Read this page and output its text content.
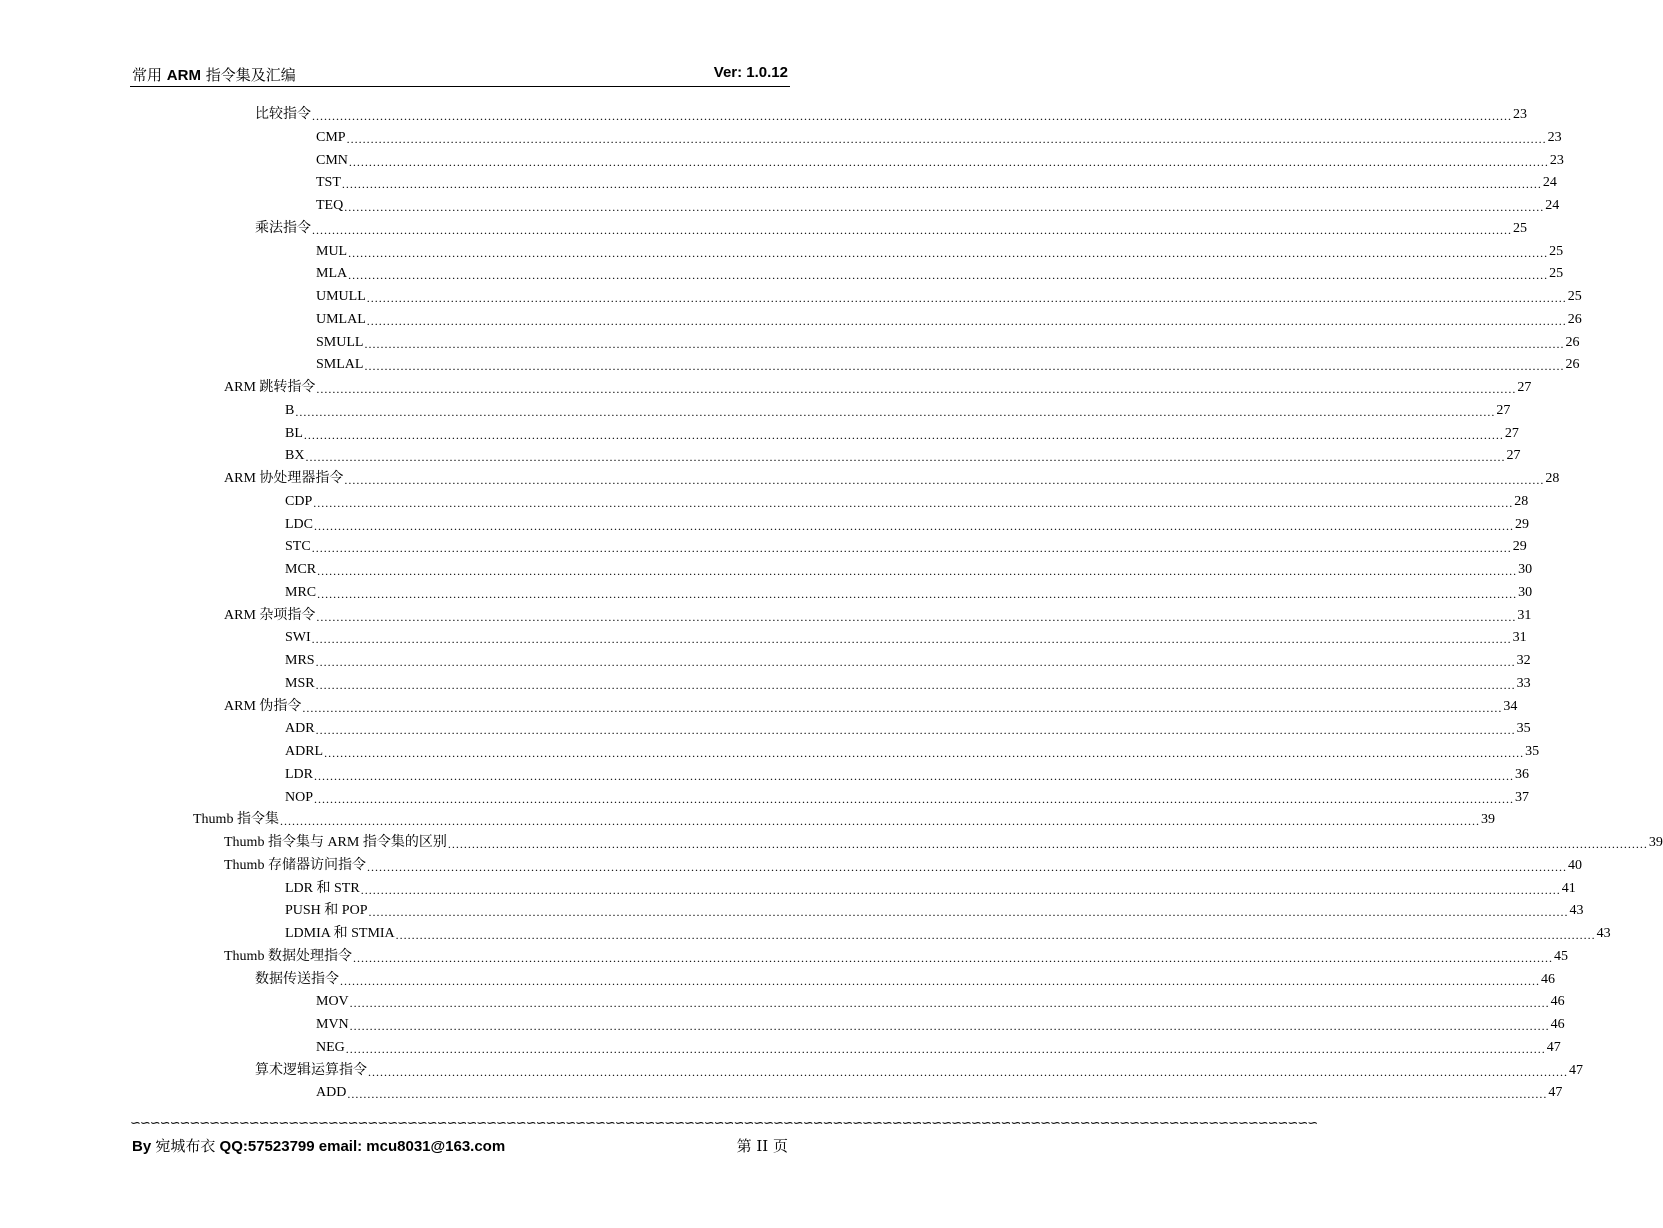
常用 ARM 指令集及汇编	Ver: 1.0.12
比较指令 ............................................................................................................................................................................................................................................................................................................ 23
CMP ............................................................................................................................................................................................................................................................................................................ 23
CMN ............................................................................................................................................................................................................................................................................................................ 23
TST ............................................................................................................................................................................................................................................................................................................ 24
TEQ ............................................................................................................................................................................................................................................................................................................ 24
乘法指令 ............................................................................................................................................................................................................................................................................................................ 25
MUL ............................................................................................................................................................................................................................................................................................................ 25
MLA ............................................................................................................................................................................................................................................................................................................ 25
UMULL ............................................................................................................................................................................................................................................................................................................ 25
UMLAL ............................................................................................................................................................................................................................................................................................................ 26
SMULL ............................................................................................................................................................................................................................................................................................................ 26
SMLAL ............................................................................................................................................................................................................................................................................................................ 26
ARM 跳转指令 ............................................................................................................................................................................................................................................................................................................ 27
B ............................................................................................................................................................................................................................................................................................................ 27
BL ............................................................................................................................................................................................................................................................................................................ 27
BX ............................................................................................................................................................................................................................................................................................................ 27
ARM 协处理器指令 ............................................................................................................................................................................................................................................................................................................ 28
CDP ............................................................................................................................................................................................................................................................................................................ 28
LDC ............................................................................................................................................................................................................................................................................................................ 29
STC ............................................................................................................................................................................................................................................................................................................ 29
MCR ............................................................................................................................................................................................................................................................................................................ 30
MRC ............................................................................................................................................................................................................................................................................................................ 30
ARM 杂项指令 ............................................................................................................................................................................................................................................................................................................ 31
SWI ............................................................................................................................................................................................................................................................................................................ 31
MRS ............................................................................................................................................................................................................................................................................................................ 32
MSR ............................................................................................................................................................................................................................................................................................................ 33
ARM 伪指令 ............................................................................................................................................................................................................................................................................................................ 34
ADR ............................................................................................................................................................................................................................................................................................................ 35
ADRL ............................................................................................................................................................................................................................................................................................................ 35
LDR ............................................................................................................................................................................................................................................................................................................ 36
NOP ............................................................................................................................................................................................................................................................................................................ 37
Thumb 指令集 ............................................................................................................................................................................................................................................................................................................ 39
Thumb 指令集与 ARM 指令集的区别 ............................................................................................................................................................................................................................................................................................................ 39
Thumb 存储器访问指令 ............................................................................................................................................................................................................................................................................................................ 40
LDR 和 STR ............................................................................................................................................................................................................................................................................................................ 41
PUSH 和 POP ............................................................................................................................................................................................................................................................................................................ 43
LDMIA 和 STMIA ............................................................................................................................................................................................................................................................................................................ 43
Thumb 数据处理指令 ............................................................................................................................................................................................................................................................................................................ 45
数据传送指令 ............................................................................................................................................................................................................................................................................................................ 46
MOV ............................................................................................................................................................................................................................................................................................................ 46
MVN ............................................................................................................................................................................................................................................................................................................ 46
NEG ............................................................................................................................................................................................................................................................................................................ 47
算术逻辑运算指令 ............................................................................................................................................................................................................................................................................................................ 47
ADD ............................................................................................................................................................................................................................................................................................................ 47
∽∽∽∽∽∽∽∽∽∽∽∽∽∽∽∽∽∽∽∽∽∽∽∽∽∽∽∽∽∽∽∽∽∽∽∽∽∽∽∽∽∽∽∽∽∽∽∽∽∽∽∽∽∽∽∽∽∽∽∽∽∽∽∽∽∽∽∽∽∽∽∽∽∽∽∽∽∽∽∽∽∽∽∽∽∽∽∽∽∽∽∽∽∽∽∽∽∽∽∽∽∽∽∽∽∽∽∽∽∽∽∽∽∽∽∽∽∽∽∽
By 宛城布衣 QQ:57523799 email: mcu8031@163.com	第 II 页
